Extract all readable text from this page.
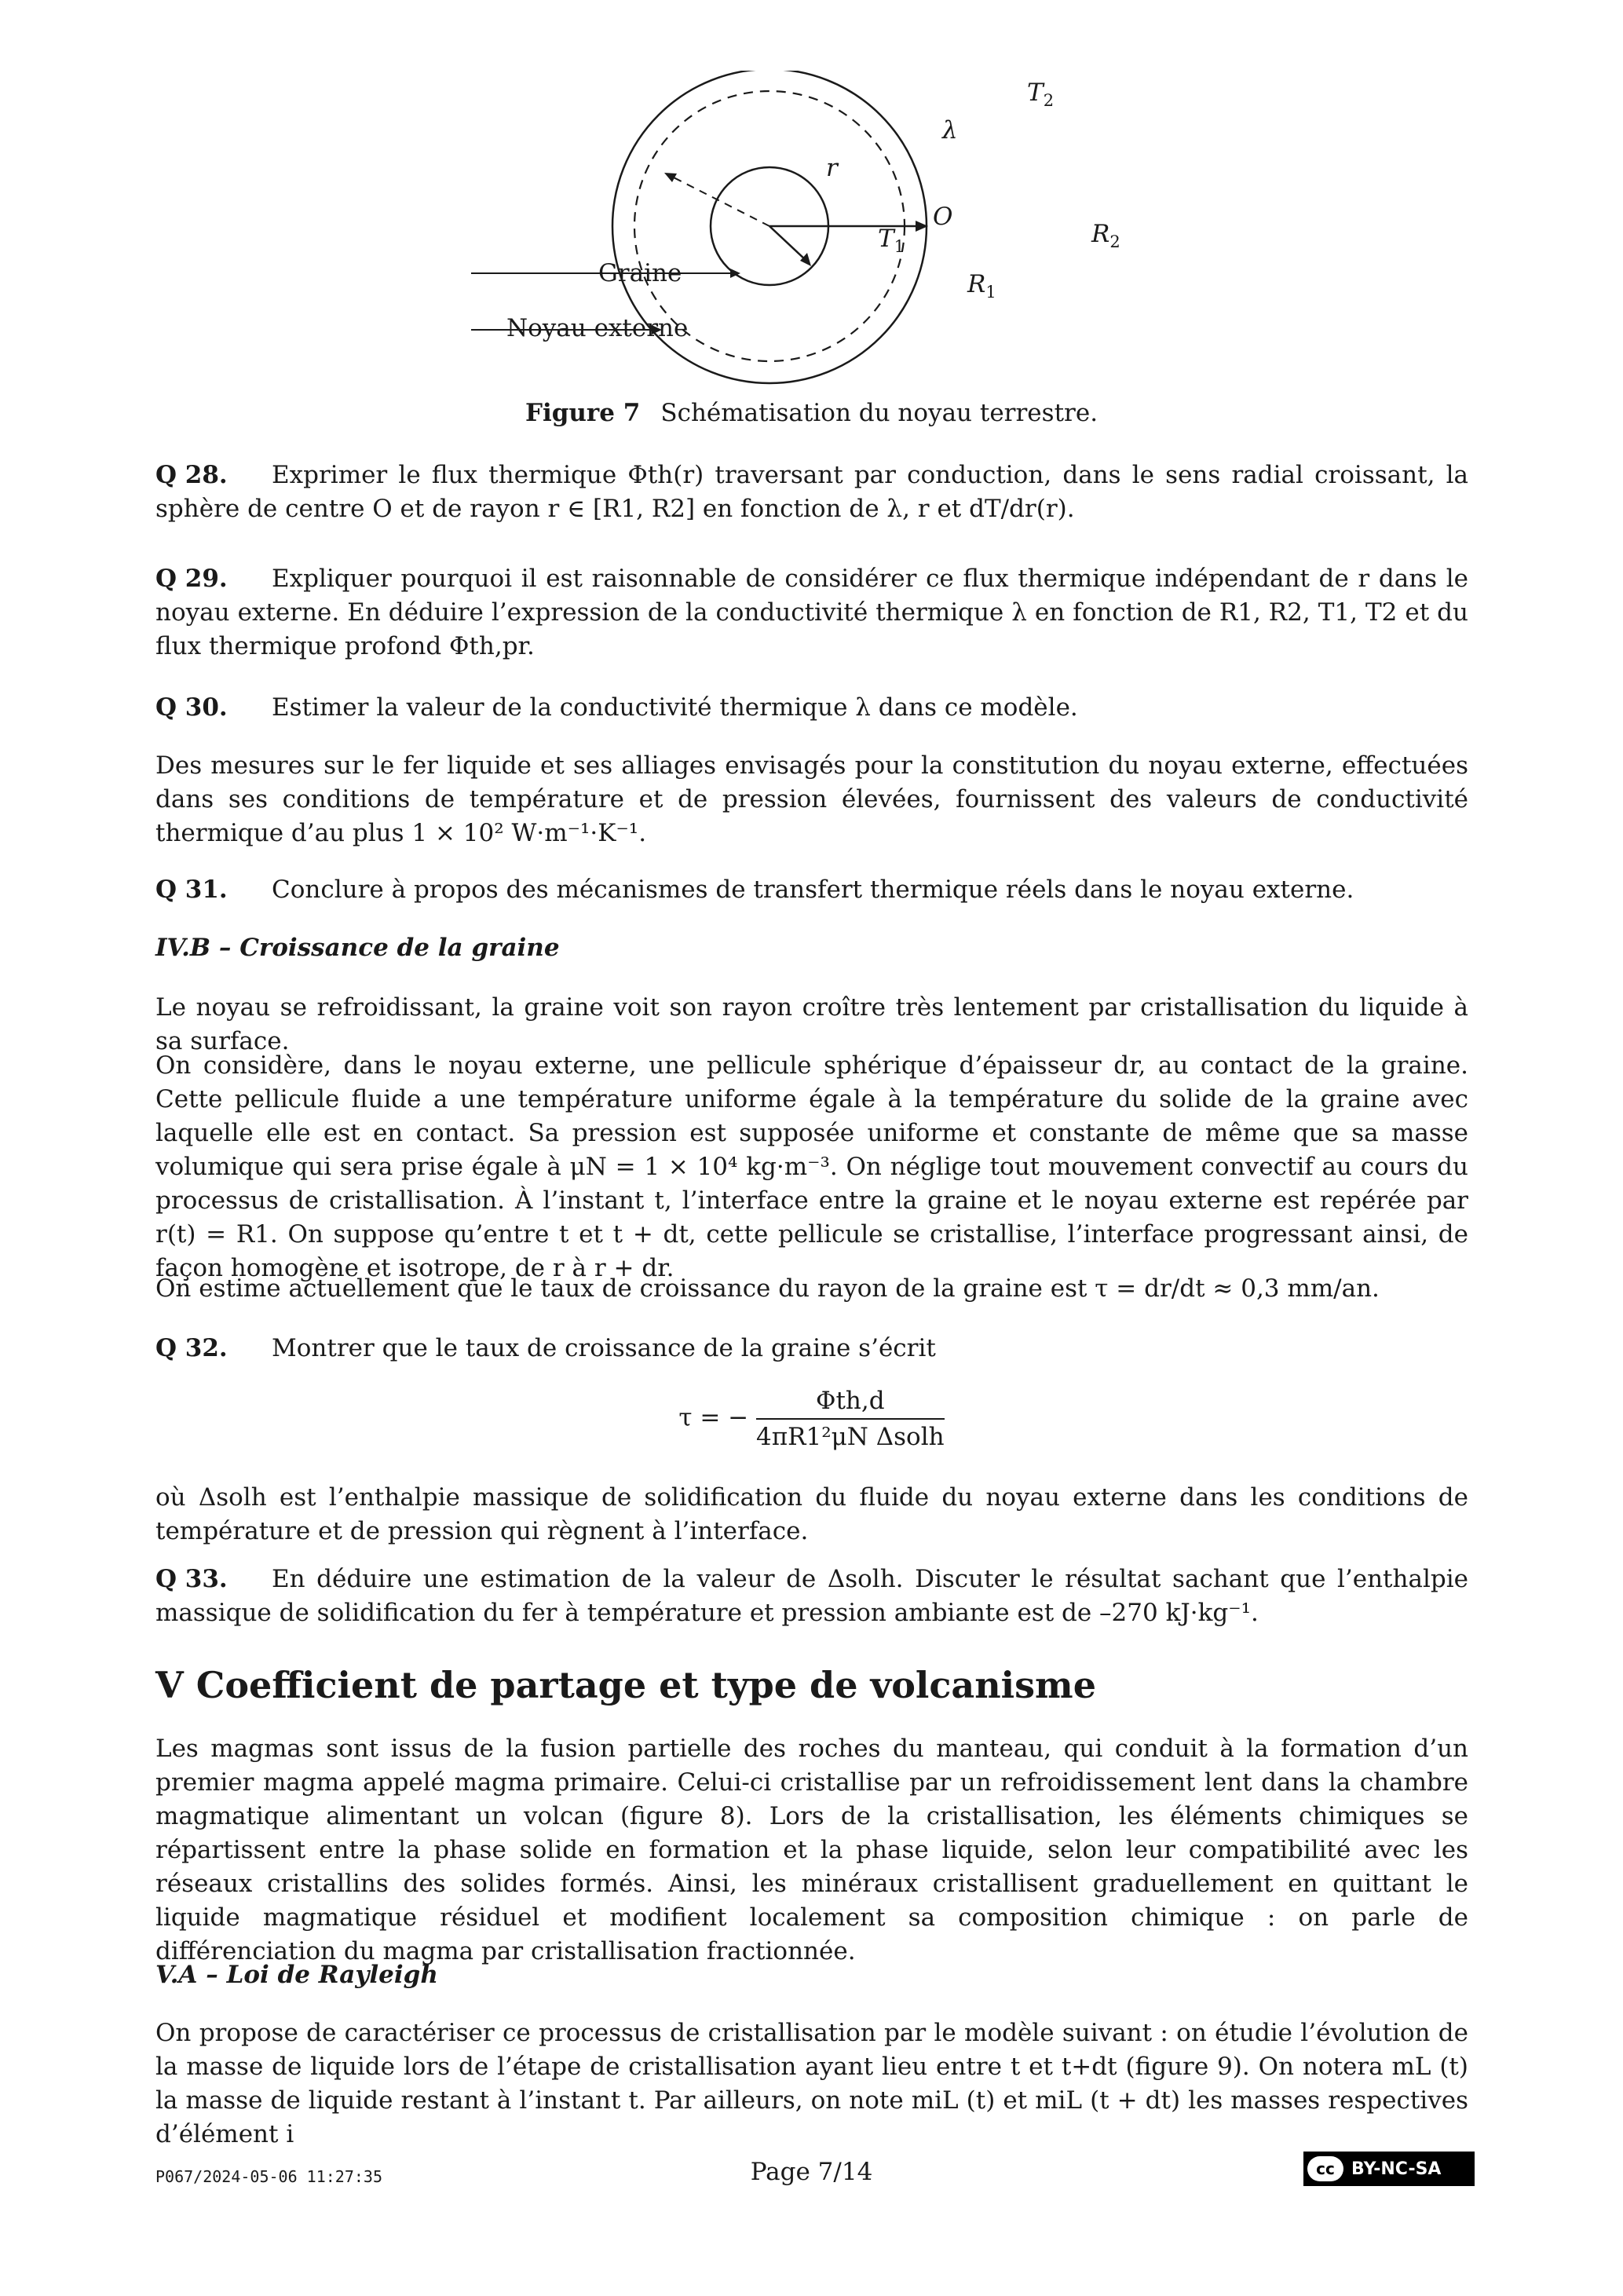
$T_2$
λ
r
O
$T_1$	$R_2$
$R_1$
Graine
Noyau externe
Figure 7 Schématisation du noyau terrestre.
Q 28. Exprimer le flux thermique Φth(r) traversant par conduction, dans le sens radial croissant, la sphère de centre O et de rayon r ∈ [R1, R2] en fonction de λ, r et dT/dr(r).
Q 29. Expliquer pourquoi il est raisonnable de considérer ce flux thermique indépendant de r dans le noyau externe. En déduire l’expression de la conductivité thermique λ en fonction de R1, R2, T1, T2 et du flux thermique profond Φth,pr.
Q 30. Estimer la valeur de la conductivité thermique λ dans ce modèle.
Des mesures sur le fer liquide et ses alliages envisagés pour la constitution du noyau externe, effectuées dans ses conditions de température et de pression élevées, fournissent des valeurs de conductivité thermique d’au plus 1 × 10² W·m⁻¹·K⁻¹.
Q 31. Conclure à propos des mécanismes de transfert thermique réels dans le noyau externe.
IV.B – Croissance de la graine
Le noyau se refroidissant, la graine voit son rayon croître très lentement par cristallisation du liquide à sa surface.
On considère, dans le noyau externe, une pellicule sphérique d’épaisseur dr, au contact de la graine. Cette pellicule fluide a une température uniforme égale à la température du solide de la graine avec laquelle elle est en contact. Sa pression est supposée uniforme et constante de même que sa masse volumique qui sera prise égale à μN = 1 × 10⁴ kg·m⁻³. On néglige tout mouvement convectif au cours du processus de cristallisation. À l’instant t, l’interface entre la graine et le noyau externe est repérée par r(t) = R1. On suppose qu’entre t et t + dt, cette pellicule se cristallise, l’interface progressant ainsi, de façon homogène et isotrope, de r à r + dr.
On estime actuellement que le taux de croissance du rayon de la graine est τ = dr/dt ≈ 0,3 mm/an.
Q 32. Montrer que le taux de croissance de la graine s’écrit
τ = − $\frac{\text{Φth,d}}{\text{4πR1²μN Δsolh}}$
où Δsolh est l’enthalpie massique de solidification du fluide du noyau externe dans les conditions de température et de pression qui règnent à l’interface.
Q 33. En déduire une estimation de la valeur de Δsolh. Discuter le résultat sachant que l’enthalpie massique de solidification du fer à température et pression ambiante est de –270 kJ·kg⁻¹.
V Coefficient de partage et type de volcanisme
Les magmas sont issus de la fusion partielle des roches du manteau, qui conduit à la formation d’un premier magma appelé magma primaire. Celui-ci cristallise par un refroidissement lent dans la chambre magmatique alimentant un volcan (figure 8). Lors de la cristallisation, les éléments chimiques se répartissent entre la phase solide en formation et la phase liquide, selon leur compatibilité avec les réseaux cristallins des solides formés. Ainsi, les minéraux cristallisent graduellement en quittant le liquide magmatique résiduel et modifient localement sa composition chimique : on parle de différenciation du magma par cristallisation fractionnée.
V.A – Loi de Rayleigh
On propose de caractériser ce processus de cristallisation par le modèle suivant : on étudie l’évolution de la masse de liquide lors de l’étape de cristallisation ayant lieu entre t et t+dt (figure 9). On notera mL (t) la masse de liquide restant à l’instant t. Par ailleurs, on note miL (t) et miL (t + dt) les masses respectives d’élément i
P067/2024-05-06 11:27:35	Page 7/14	cc BY-NC-SA
